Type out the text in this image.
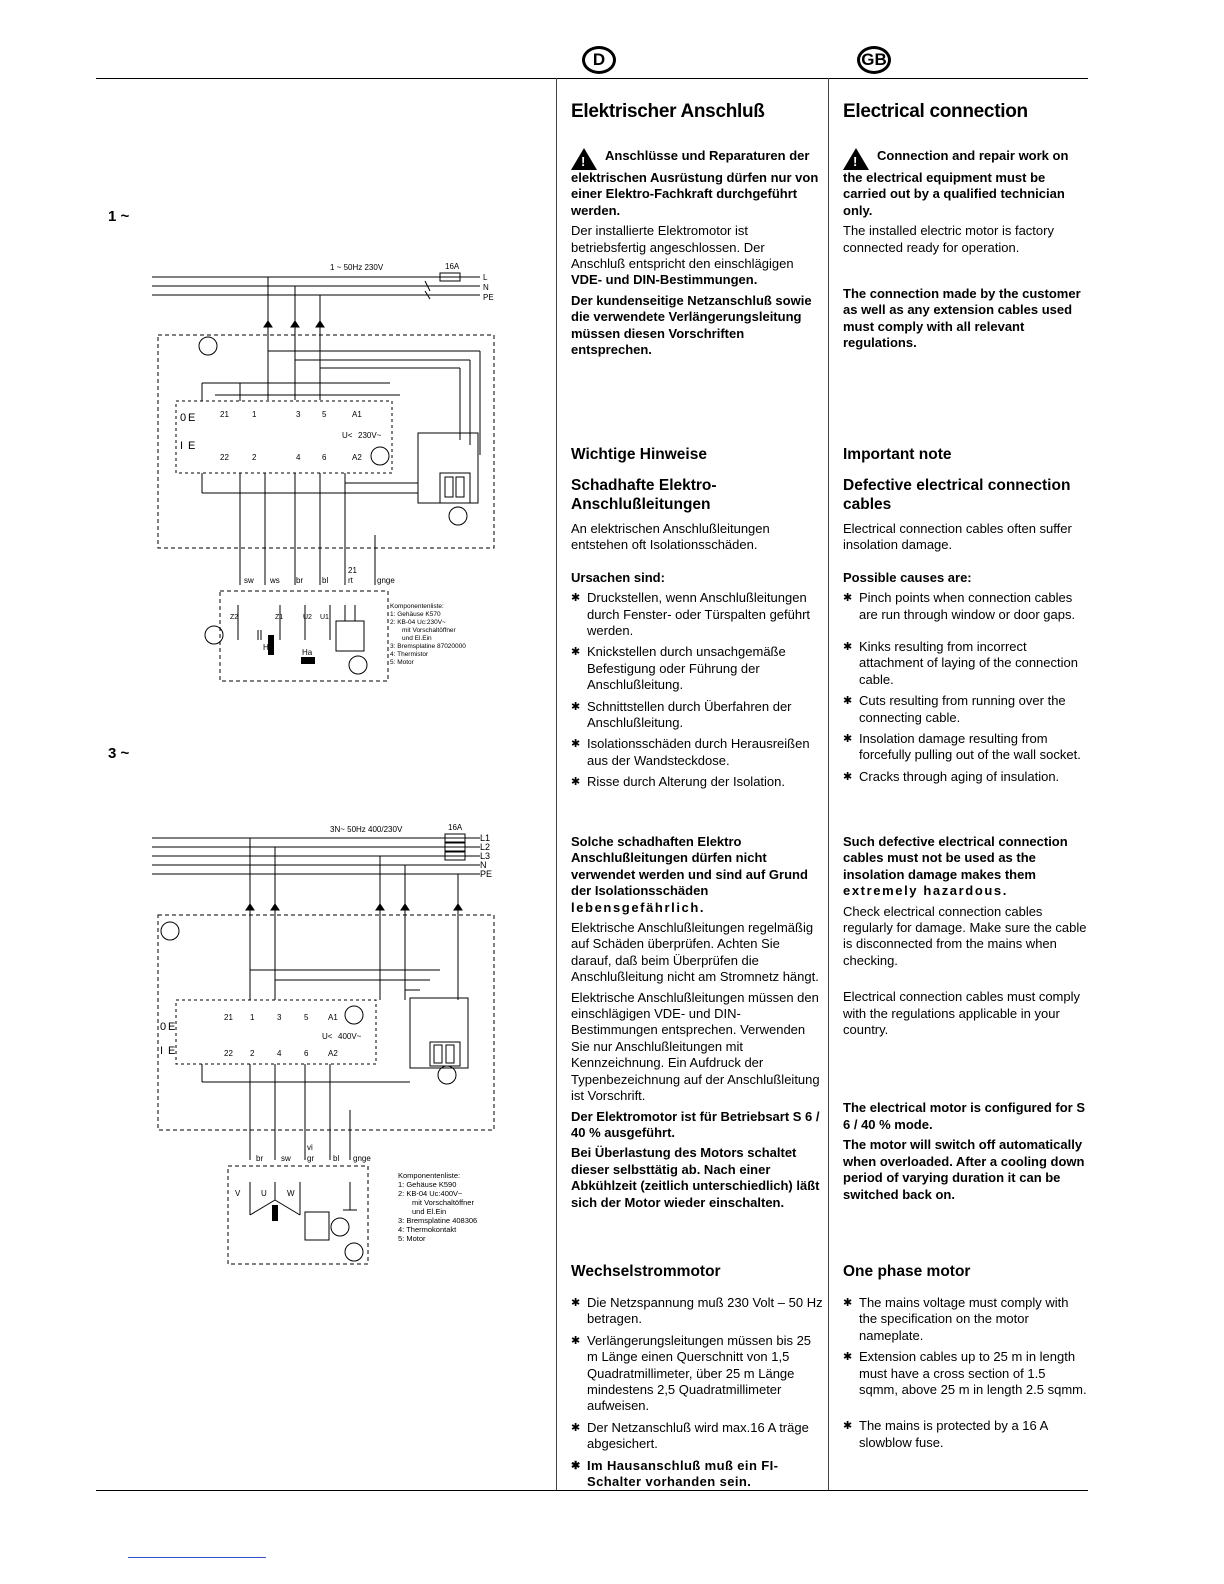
D	GB
1 ~
3 ~
1 ~ 50Hz 230V	16A
L
N
PE
0 E
I E
21	1	3	5	A1
22	2	4	6	A2
U< 230V~
sw ws br bl
21
rt	gnge
Z2	Z1	U2 U1
Hi
Ha
Komponentenliste:
1: Gehäuse K570
2: KB-04 Uc:230V~
mit Vorschaltöffner
und El.Ein
3: Bremsplatine 87020000
4: Thermistor
5: Motor
3N~ 50Hz 400/230V	16A
L1
L2
L3
N
PE
0 E
I E
21 1	3	5 A1
22 2	4	6 A2
U< 400V~
br sw
vi
gr bl gnge
V	U	W
Komponentenliste:
1: Gehäuse K590
2: KB-04 Uc:400V~
mit Vorschaltöffner
und El.Ein
3: Bremsplatine 408306
4: Thermokontakt
5: Motor
Elektrischer Anschluß

!Anschlüsse und Reparaturen der elektrischen Ausrüstung dürfen nur von einer Elektro-Fachkraft durchgeführt werden.

Der installierte Elektromotor ist betriebsfertig angeschlossen. Der Anschluß entspricht den einschlägigen VDE- und DIN-Bestimmungen.

Der kundenseitige Netzanschluß sowie die verwendete Verlängerungsleitung müssen diesen Vorschriften entsprechen.

Wichtige Hinweise
Schadhafte Elektro-Anschlußleitungen

An elektrischen Anschlußleitungen entstehen oft Isolationsschäden.

Ursachen sind:

✱ Druckstellen, wenn Anschlußleitungen durch Fenster- oder Türspalten geführt werden.
✱ Knickstellen durch unsachgemäße Befestigung oder Führung der Anschlußleitung.
✱ Schnittstellen durch Überfahren der Anschlußleitung.
✱ Isolationsschäden durch Herausreißen aus der Wandsteckdose.
✱ Risse durch Alterung der Isolation.

Solche schadhaften Elektro Anschlußleitungen dürfen nicht verwendet werden und sind auf Grund der Isolationsschäden lebensgefährlich.

Elektrische Anschlußleitungen regelmäßig auf Schäden überprüfen. Achten Sie darauf, daß beim Überprüfen die Anschlußleitung nicht am Stromnetz hängt.

Elektrische Anschlußleitungen müssen den einschlägigen VDE- und DIN-Bestimmungen entsprechen. Verwenden Sie nur Anschlußleitungen mit Kennzeichnung. Ein Aufdruck der Typenbezeichnung auf der Anschlußleitung ist Vorschrift.

Der Elektromotor ist für Betriebsart S 6 / 40 % ausgeführt.

Bei Überlastung des Motors schaltet dieser selbsttätig ab. Nach einer Abkühlzeit (zeitlich unterschiedlich) läßt sich der Motor wieder einschalten.

Wechselstrommotor
✱ Die Netzspannung muß 230 Volt – 50 Hz betragen.
✱ Verlängerungsleitungen müssen bis 25 m Länge einen Querschnitt von 1,5 Quadratmillimeter, über 25 m Länge mindestens 2,5 Quadratmillimeter aufweisen.
✱ Der Netzanschluß wird max.16 A träge abgesichert.
✱ Im Hausanschluß muß ein FI-Schalter vorhanden sein.
Electrical connection

!Connection and repair work on the electrical equipment must be carried out by a qualified technician only.

The installed electric motor is factory connected ready for operation.

The connection made by the customer as well as any extension cables used must comply with all relevant regulations.

Important note
Defective electrical connection cables

Electrical connection cables often suffer insolation damage.

Possible causes are:

✱ Pinch points when connection cables are run through window or door gaps.
✱ Kinks resulting from incorrect attachment of laying of the connection cable.
✱ Cuts resulting from running over the connecting cable.
✱ Insolation damage resulting from forcefully pulling out of the wall socket.
✱ Cracks through aging of insulation.

Such defective electrical connection cables must not be used as the insolation damage makes them extremely hazardous.

Check electrical connection cables regularly for damage. Make sure the cable is disconnected from the mains when checking.

Electrical connection cables must comply with the regulations applicable in your country.

The electrical motor is configured for S 6 / 40 % mode.

The motor will switch off automatically when overloaded. After a cooling down period of varying duration it can be switched back on.

One phase motor
✱ The mains voltage must comply with the specification on the motor nameplate.
✱ Extension cables up to 25 m in length must have a cross section of 1.5 sqmm, above 25 m in length 2.5 sqmm.
✱ The mains is protected by a 16 A slowblow fuse.
